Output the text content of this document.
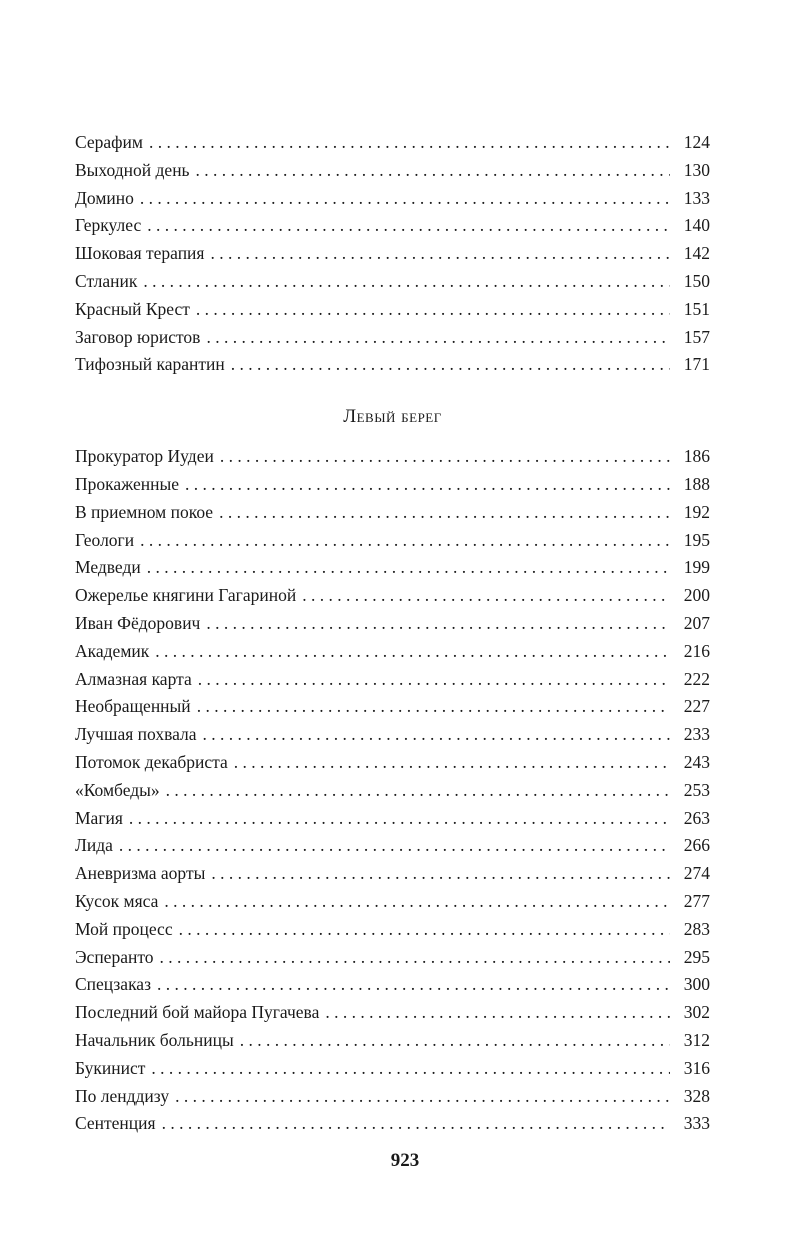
Серафим . . .	124
Выходной день . . .	130
Домино . . .	133
Геркулес . . .	140
Шоковая терапия . . .	142
Стланик . . .	150
Красный Крест . . .	151
Заговор юристов . . .	157
Тифозный карантин . . .	171
Левый берег
Прокуратор Иудеи . . .	186
Прокаженные . . .	188
В приемном покое . . .	192
Геологи . . .	195
Медведи . . .	199
Ожерелье княгини Гагариной . . .	200
Иван Фёдорович . . .	207
Академик . . .	216
Алмазная карта . . .	222
Необращенный . . .	227
Лучшая похвала . . .	233
Потомок декабриста . . .	243
«Комбеды» . . .	253
Магия . . .	263
Лида . . .	266
Аневризма аорты . . .	274
Кусок мяса . . .	277
Мой процесс . . .	283
Эсперанто . . .	295
Спецзаказ . . .	300
Последний бой майора Пугачева . . .	302
Начальник больницы . . .	312
Букинист . . .	316
По ленддизу . . .	328
Сентенция . . .	333
923
